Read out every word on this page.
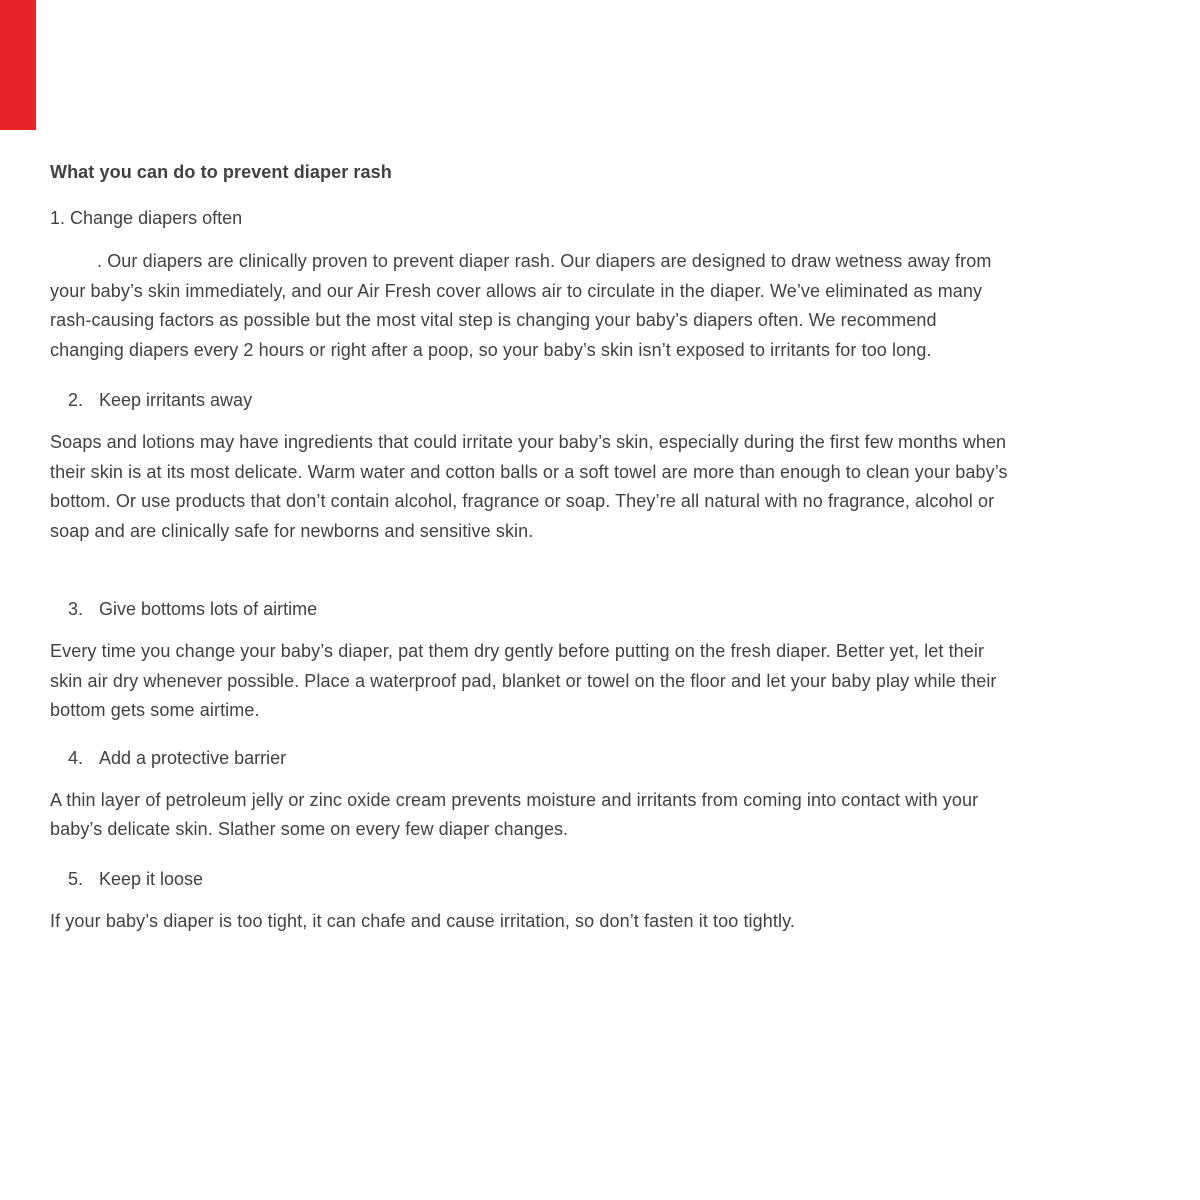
What you can do to prevent diaper rash
1. Change diapers often

. Our diapers are clinically proven to prevent diaper rash. Our diapers are designed to draw wetness away from your baby’s skin immediately, and our Air Fresh cover allows air to circulate in the diaper. We’ve eliminated as many rash-causing factors as possible but the most vital step is changing your baby’s diapers often. We recommend changing diapers every 2 hours or right after a poop, so your baby’s skin isn’t exposed to irritants for too long.

2. Keep irritants away

Soaps and lotions may have ingredients that could irritate your baby’s skin, especially during the first few months when their skin is at its most delicate. Warm water and cotton balls or a soft towel are more than enough to clean your baby’s bottom. Or use products that don’t contain alcohol, fragrance or soap. They’re all natural with no fragrance, alcohol or soap and are clinically safe for newborns and sensitive skin.

3. Give bottoms lots of airtime

Every time you change your baby’s diaper, pat them dry gently before putting on the fresh diaper. Better yet, let their skin air dry whenever possible. Place a waterproof pad, blanket or towel on the floor and let your baby play while their bottom gets some airtime.

4. Add a protective barrier

A thin layer of petroleum jelly or zinc oxide cream prevents moisture and irritants from coming into contact with your baby’s delicate skin. Slather some on every few diaper changes.

5. Keep it loose

If your baby’s diaper is too tight, it can chafe and cause irritation, so don’t fasten it too tightly.
